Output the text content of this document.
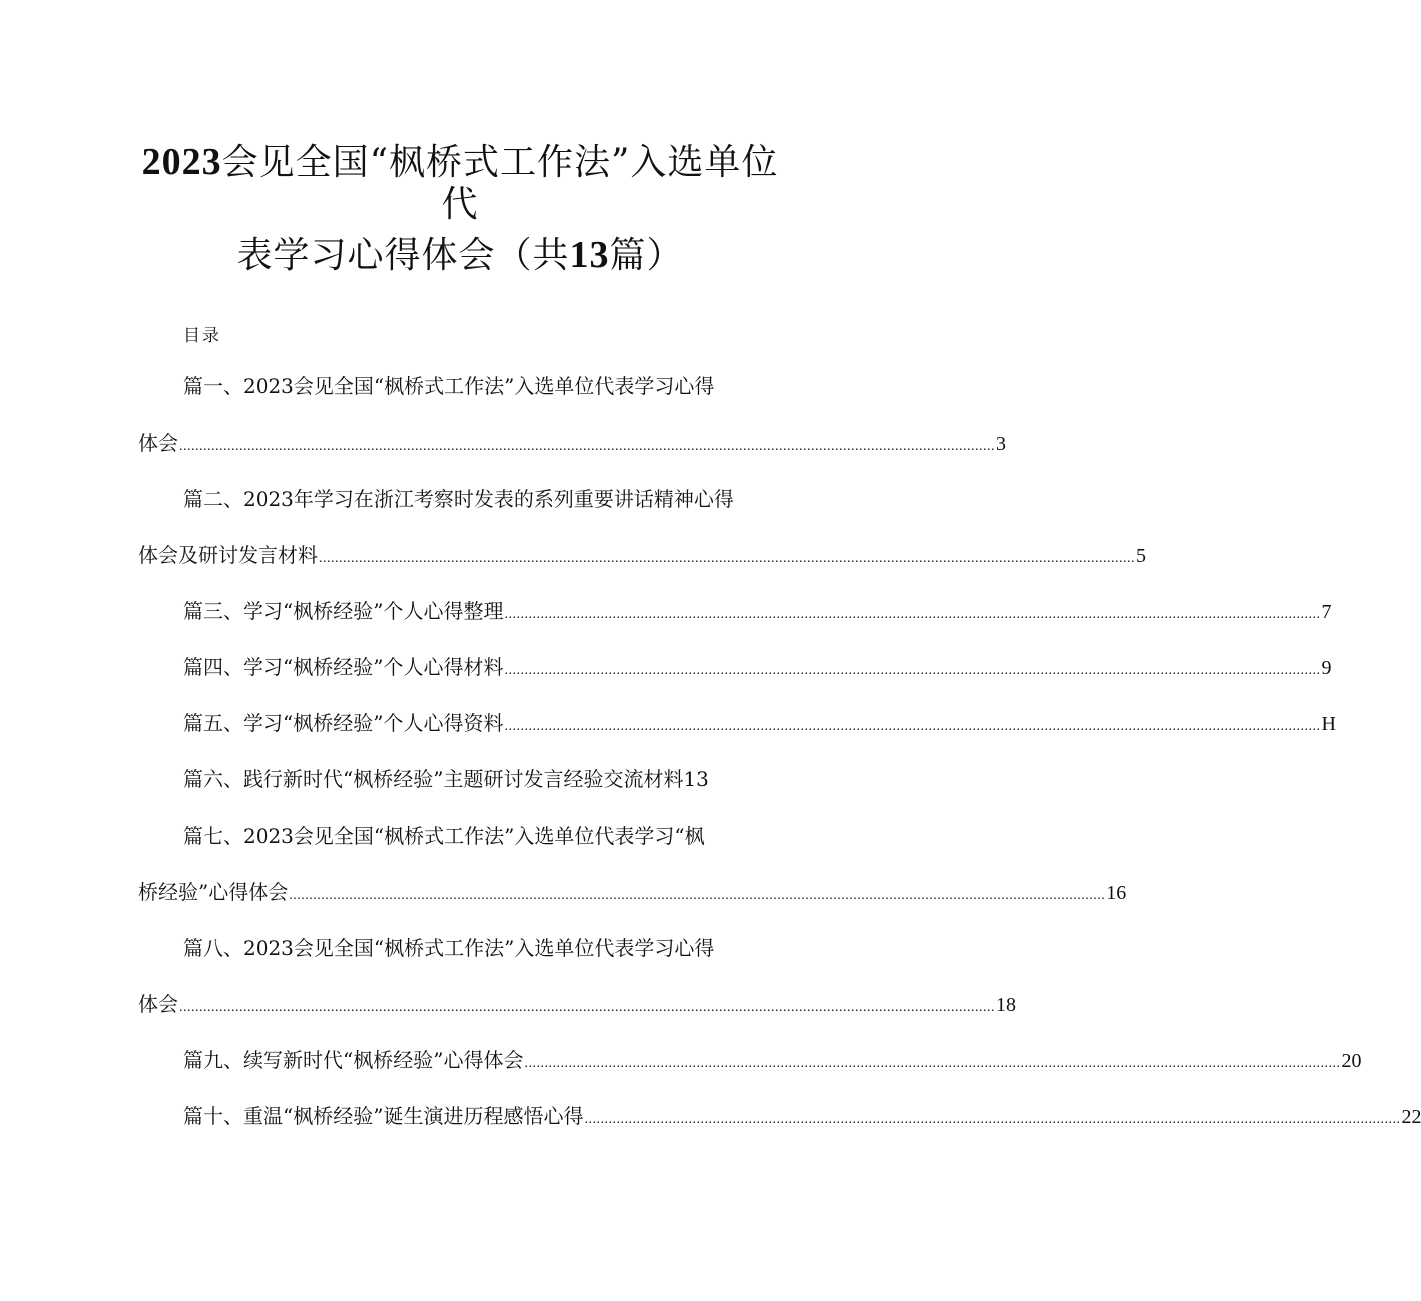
2023会见全国“枫桥式工作法”入选单位
代
表学习心得体会（共13篇）
目录
篇一、2023会见全国“枫桥式工作法”入选单位代表学习心得
体会 ............................................................................................................................................................................................................ 3
篇二、2023年学习在浙江考察时发表的系列重要讲话精神心得
体会及研讨发言材料 ............................................................................................................................................................................................................ 5
篇三、学习“枫桥经验”个人心得整理 ............................................................................................................................................................................................................ 7
篇四、学习“枫桥经验”个人心得材料 ............................................................................................................................................................................................................ 9
篇五、学习“枫桥经验”个人心得资料 ............................................................................................................................................................................................................ H
篇六、践行新时代“枫桥经验”主题研讨发言经验交流材料13
篇七、2023会见全国“枫桥式工作法”入选单位代表学习“枫
桥经验”心得体会 ............................................................................................................................................................................................................ 16
篇八、2023会见全国“枫桥式工作法”入选单位代表学习心得
体会 ............................................................................................................................................................................................................ 18
篇九、续写新时代“枫桥经验”心得体会 ............................................................................................................................................................................................................ 20
篇十、重温“枫桥经验”诞生演进历程感悟心得 ............................................................................................................................................................................................................ 22
